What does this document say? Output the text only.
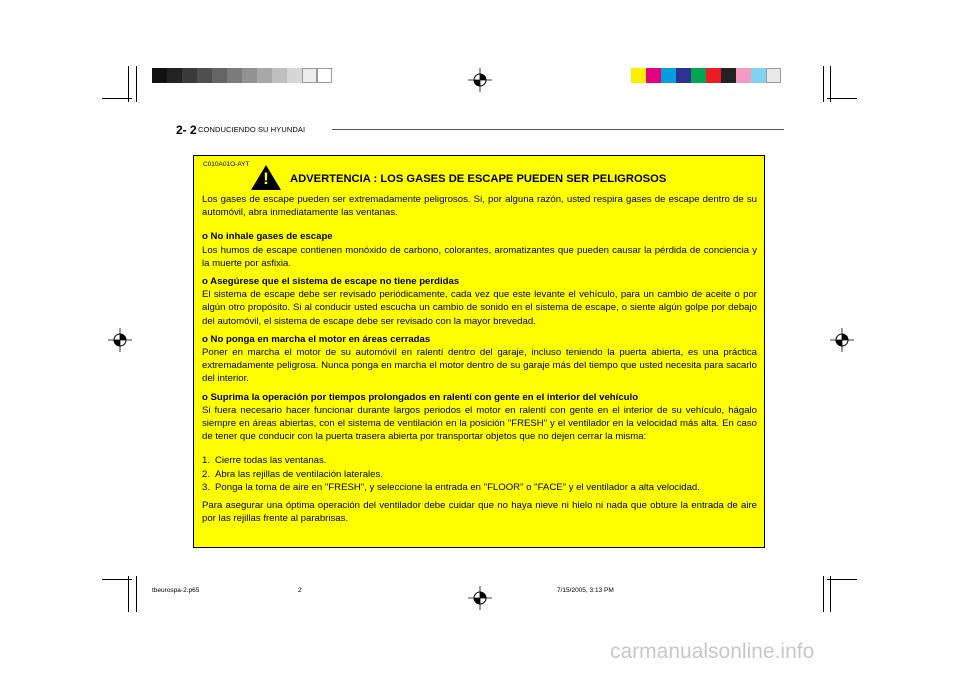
2- 2 CONDUCIENDO SU HYUNDAI
C010A01O-AYT
! ADVERTENCIA : LOS GASES DE ESCAPE PUEDEN SER PELIGROSOS

Los gases de escape pueden ser extremadamente peligrosos. Si, por alguna razón, usted respira gases de escape dentro de su automóvil, abra inmediatamente las ventanas.

o No inhale gases de escape

Los humos de escape contienen monóxido de carbono, colorantes, aromatizantes que pueden causar la pérdida de conciencia y la muerte por asfixia.

o Asegúrese que el sistema de escape no tiene perdidas

El sistema de escape debe ser revisado periódicamente, cada vez que este levante el vehículo, para un cambio de aceite o por algún otro propósito. Si al conducir usted escucha un cambio de sonido en el sistema de escape, o siente algún golpe por debajo del automóvil, el sistema de escape debe ser revisado con la mayor brevedad.

o No ponga en marcha el motor en áreas cerradas

Poner en marcha el motor de su automóvil en ralentí dentro del garaje, incluso teniendo la puerta abierta, es una práctica extremadamente peligrosa. Nunca ponga en marcha el motor dentro de su garaje más del tiempo que usted necesita para sacarlo del interior.

o Suprima la operación por tiempos prolongados en ralentí con gente en el interior del vehículo

Si fuera necesario hacer funcionar durante largos periodos el motor en ralentí con gente en el interior de su vehículo, hágalo siempre en áreas abiertas, con el sistema de ventilación en la posición "FRESH" y el ventilador en la velocidad más alta. En caso de tener que conducir con la puerta trasera abierta por transportar objetos que no dejen cerrar la misma:

1. Cierre todas las ventanas.
2. Abra las rejillas de ventilación laterales.
3. Ponga la toma de aire en "FRESH", y seleccione la entrada en "FLOOR" o "FACE" y el ventilador a alta velocidad.

Para asegurar una óptima operación del ventilador debe cuidar que no haya nieve ni hielo ni nada que obture la entrada de aire por las rejillas frente al parabrisas.

tbeurospa-2.p65	2	7/15/2005, 3:13 PM
carmanualsonline.info
